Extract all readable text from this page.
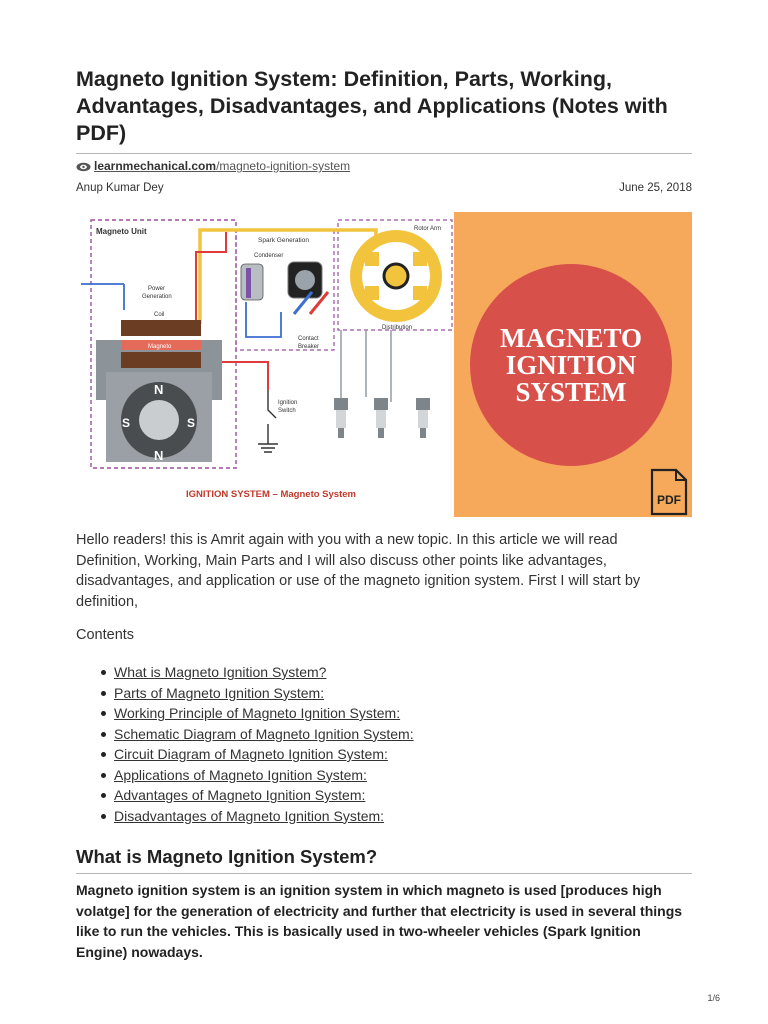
Magneto Ignition System: Definition, Parts, Working, Advantages, Disadvantages, and Applications (Notes with PDF)
learnmechanical.com/magneto-ignition-system
Anup Kumar Dey	June 25, 2018
Magneto Unit
Spark Generation
Rotor Arm
Distribution
Power
Generation
Coil
Magneto
N
N
S	S
Condenser
Contact
Breaker
Ignition
Switch
IGNITION SYSTEM – Magneto System
MAGNETO
IGNITION
SYSTEM
PDF

Hello readers! this is Amrit again with you with a new topic. In this article we will read Definition, Working, Main Parts and I will also discuss other points like advantages, disadvantages, and application or use of the magneto ignition system. First I will start by definition,

Contents
What is Magneto Ignition System?
Parts of Magneto Ignition System:
Working Principle of Magneto Ignition System:
Schematic Diagram of Magneto Ignition System:
Circuit Diagram of Magneto Ignition System:
Applications of Magneto Ignition System:
Advantages of Magneto Ignition System:
Disadvantages of Magneto Ignition System:
What is Magneto Ignition System?

Magneto ignition system is an ignition system in which magneto is used [produces high volatge] for the generation of electricity and further that electricity is used in several things like to run the vehicles. This is basically used in two-wheeler vehicles (Spark Ignition Engine) nowadays.

1/6
